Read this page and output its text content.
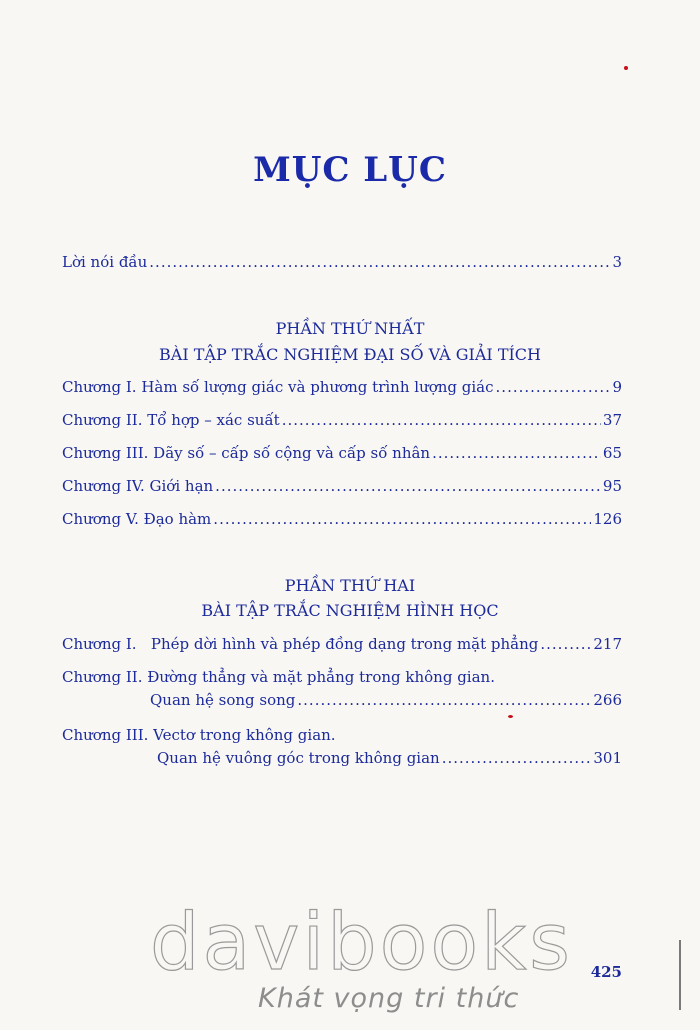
MỤC LỤC
Lời nói đầu .....	3
PHẦN THỨ NHẤT
BÀI TẬP TRẮC NGHIỆM ĐẠI SỐ VÀ GIẢI TÍCH
Chương I. Hàm số lượng giác và phương trình lượng giác .....	9
Chương II. Tổ hợp – xác suất .....	37
Chương III. Dãy số – cấp số cộng và cấp số nhân .....	65
Chương IV. Giới hạn .....	95
Chương V. Đạo hàm .....	126
PHẦN THỨ HAI
BÀI TẬP TRẮC NGHIỆM HÌNH HỌC
Chương I.   Phép dời hình và phép đồng dạng trong mặt phẳng .....	217
Chương II. Đường thẳng và mặt phẳng trong không gian.
Quan hệ song song .....	266
Chương III. Vectơ trong không gian.
Quan hệ vuông góc trong không gian .....	301
davibooks
Khát vọng tri thức
425
